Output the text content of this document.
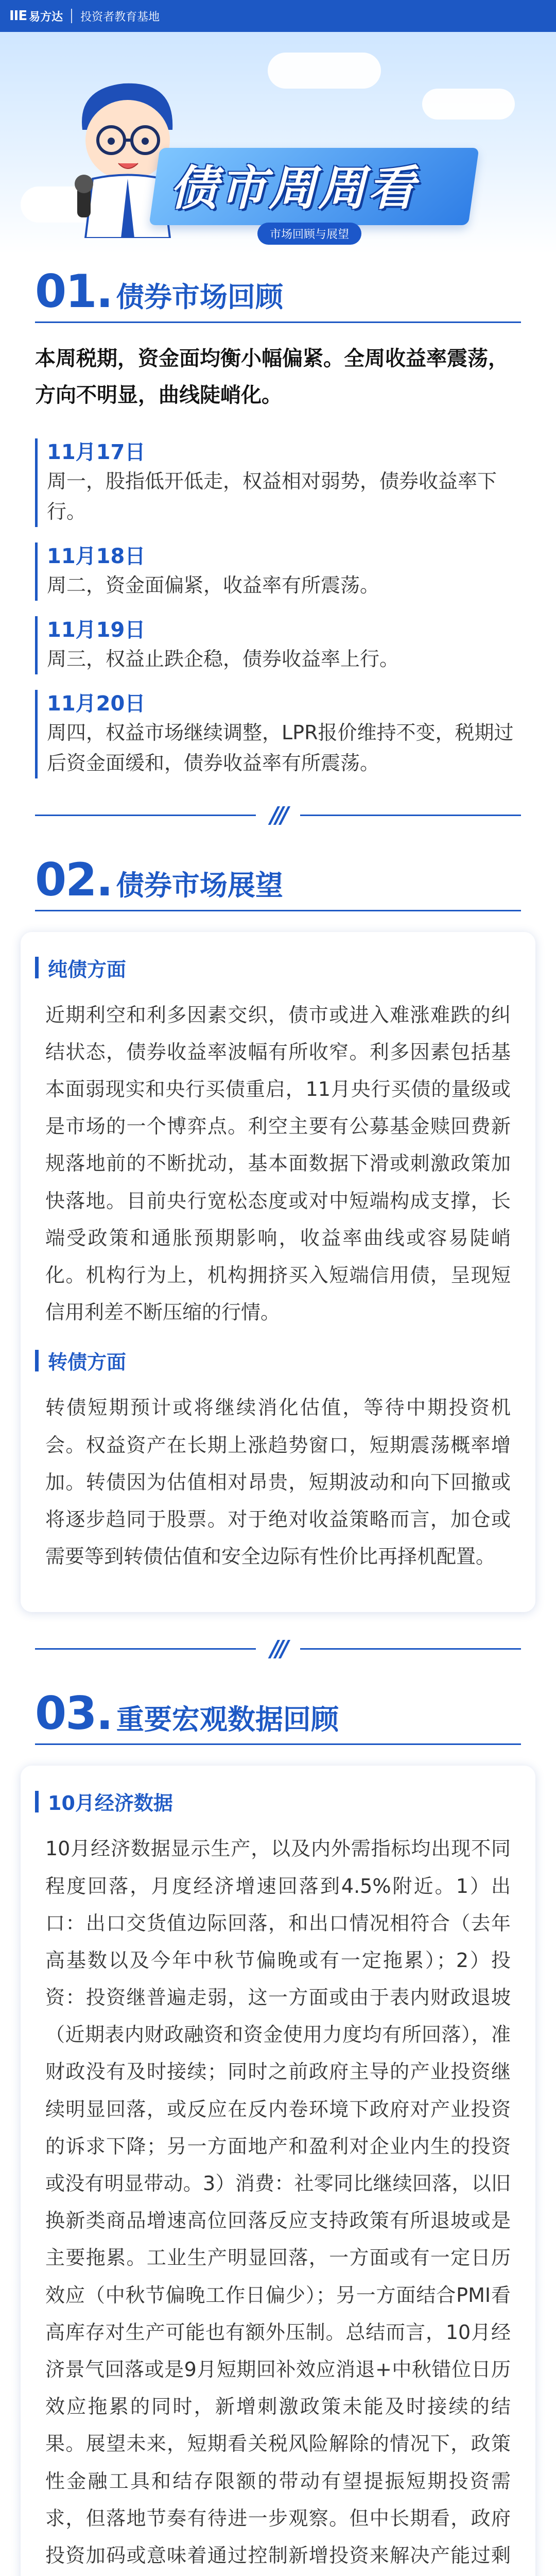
IIE 易方达 投资者教育基地
债市周周看
市场回顾与展望
01. 债券市场回顾
本周税期，资金面均衡小幅偏紧。全周收益率震荡，方向不明显，曲线陡峭化。
11月17日
周一，股指低开低走，权益相对弱势，债券收益率下行。
11月18日
周二，资金面偏紧，收益率有所震荡。
11月19日
周三，权益止跌企稳，债券收益率上行。
11月20日
周四，权益市场继续调整，LPR报价维持不变，税期过后资金面缓和，债券收益率有所震荡。
///
02. 债券市场展望
纯债方面
近期利空和利多因素交织，债市或进入难涨难跌的纠结状态，债券收益率波幅有所收窄。利多因素包括基本面弱现实和央行买债重启，11月央行买债的量级或是市场的一个博弈点。利空主要有公募基金赎回费新规落地前的不断扰动，基本面数据下滑或刺激政策加快落地。目前央行宽松态度或对中短端构成支撑，长端受政策和通胀预期影响，收益率曲线或容易陡峭化。机构行为上，机构拥挤买入短端信用债，呈现短信用利差不断压缩的行情。
转债方面
转债短期预计或将继续消化估值，等待中期投资机会。权益资产在长期上涨趋势窗口，短期震荡概率增加。转债因为估值相对昂贵，短期波动和向下回撤或将逐步趋同于股票。对于绝对收益策略而言，加仓或需要等到转债估值和安全边际有性价比再择机配置。
///
03. 重要宏观数据回顾
10月经济数据
10月经济数据显示生产，以及内外需指标均出现不同程度回落，月度经济增速回落到4.5%附近。1）出口：出口交货值边际回落，和出口情况相符合（去年高基数以及今年中秋节偏晚或有一定拖累）；2）投资：投资继普遍走弱，这一方面或由于表内财政退坡（近期表内财政融资和资金使用力度均有所回落），准财政没有及时接续；同时之前政府主导的产业投资继续明显回落，或反应在反内卷环境下政府对产业投资的诉求下降；另一方面地产和盈利对企业内生的投资或没有明显带动。3）消费：社零同比继续回落，以旧换新类商品增速高位回落反应支持政策有所退坡或是主要拖累。工业生产明显回落，一方面或有一定日历效应（中秋节偏晚工作日偏少）；另一方面结合PMI看高库存对生产可能也有额外压制。总结而言，10月经济景气回落或是9月短期回补效应消退+中秋错位日历效应拖累的同时，新增刺激政策未能及时接续的结果。展望未来，短期看关税风险解除的情况下，政策性金融工具和结存限额的带动有望提振短期投资需求，但落地节奏有待进一步观察。但中长期看，政府投资加码或意味着通过控制新增投资来解决产能过剩
